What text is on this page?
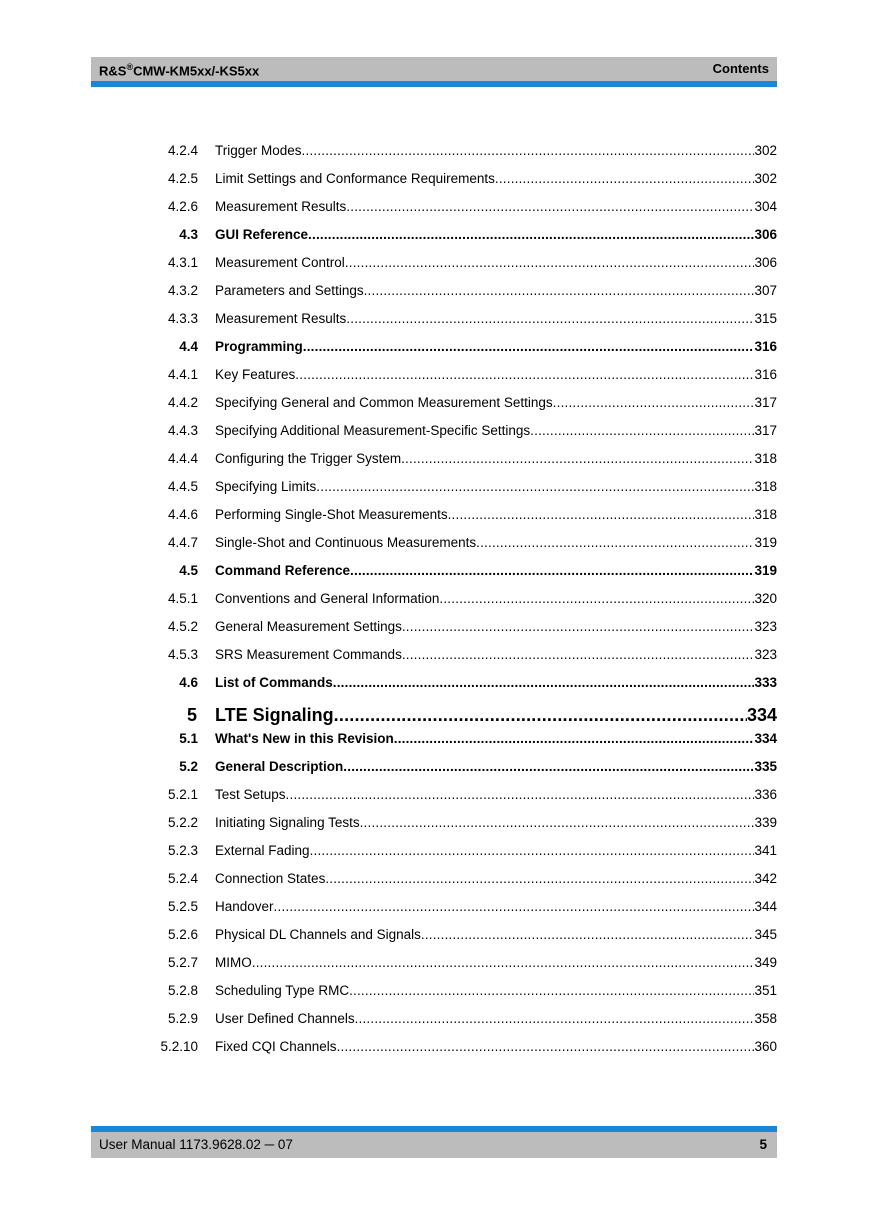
R&S®CMW-KM5xx/-KS5xx	Contents
4.2.4 Trigger Modes .....	302
4.2.5 Limit Settings and Conformance Requirements .....	302
4.2.6 Measurement Results .....	304
4.3 GUI Reference .....	306
4.3.1 Measurement Control .....	306
4.3.2 Parameters and Settings .....	307
4.3.3 Measurement Results .....	315
4.4 Programming .....	316
4.4.1 Key Features .....	316
4.4.2 Specifying General and Common Measurement Settings .....	317
4.4.3 Specifying Additional Measurement-Specific Settings .....	317
4.4.4 Configuring the Trigger System .....	318
4.4.5 Specifying Limits .....	318
4.4.6 Performing Single-Shot Measurements .....	318
4.4.7 Single-Shot and Continuous Measurements .....	319
4.5 Command Reference .....	319
4.5.1 Conventions and General Information .....	320
4.5.2 General Measurement Settings .....	323
4.5.3 SRS Measurement Commands .....	323
4.6 List of Commands .....	333
5 LTE Signaling .....	334
5.1 What's New in this Revision .....	334
5.2 General Description .....	335
5.2.1 Test Setups .....	336
5.2.2 Initiating Signaling Tests .....	339
5.2.3 External Fading .....	341
5.2.4 Connection States .....	342
5.2.5 Handover .....	344
5.2.6 Physical DL Channels and Signals .....	345
5.2.7 MIMO .....	349
5.2.8 Scheduling Type RMC .....	351
5.2.9 User Defined Channels .....	358
5.2.10 Fixed CQI Channels .....	360
User Manual 1173.9628.02 ─ 07	5
